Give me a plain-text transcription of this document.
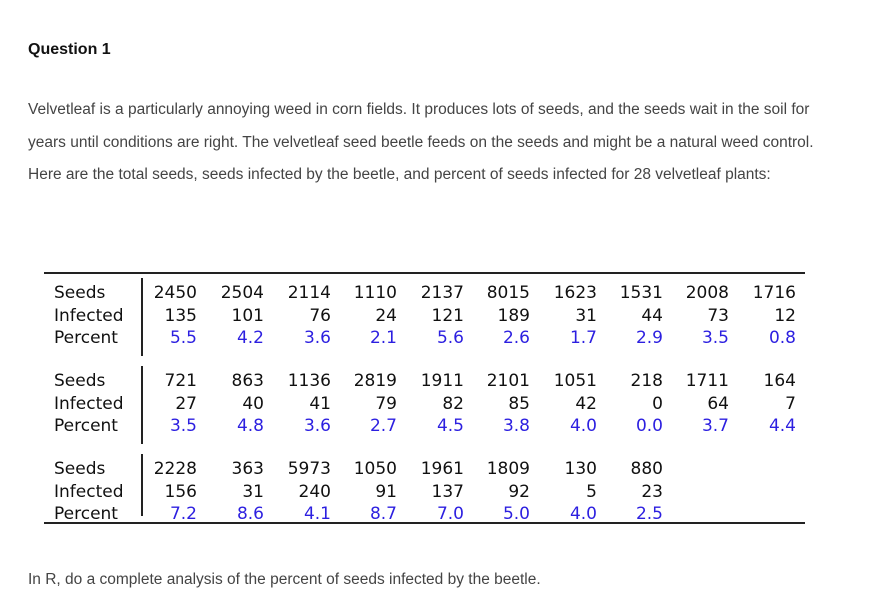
Question 1
Velvetleaf is a particularly annoying weed in corn fields. It produces lots of seeds, and the seeds wait in the soil for years until conditions are right. The velvetleaf seed beetle feeds on the seeds and might be a natural weed control. Here are the total seeds, seeds infected by the beetle, and percent of seeds infected for 28 velvetleaf plants:
Seeds	2450	2504	2114	1110	2137	8015	1623	1531	2008	1716
Infected	135	101	76	24	121	189	31	44	73	12
Percent	5.5	4.2	3.6	2.1	5.6	2.6	1.7	2.9	3.5	0.8
Seeds	721	863	1136	2819	1911	2101	1051	218	1711	164
Infected	27	40	41	79	82	85	42	0	64	7
Percent	3.5	4.8	3.6	2.7	4.5	3.8	4.0	0.0	3.7	4.4
Seeds	2228	363	5973	1050	1961	1809	130	880
Infected	156	31	240	91	137	92	5	23
Percent	7.2	8.6	4.1	8.7	7.0	5.0	4.0	2.5
In R, do a complete analysis of the percent of seeds infected by the beetle.
